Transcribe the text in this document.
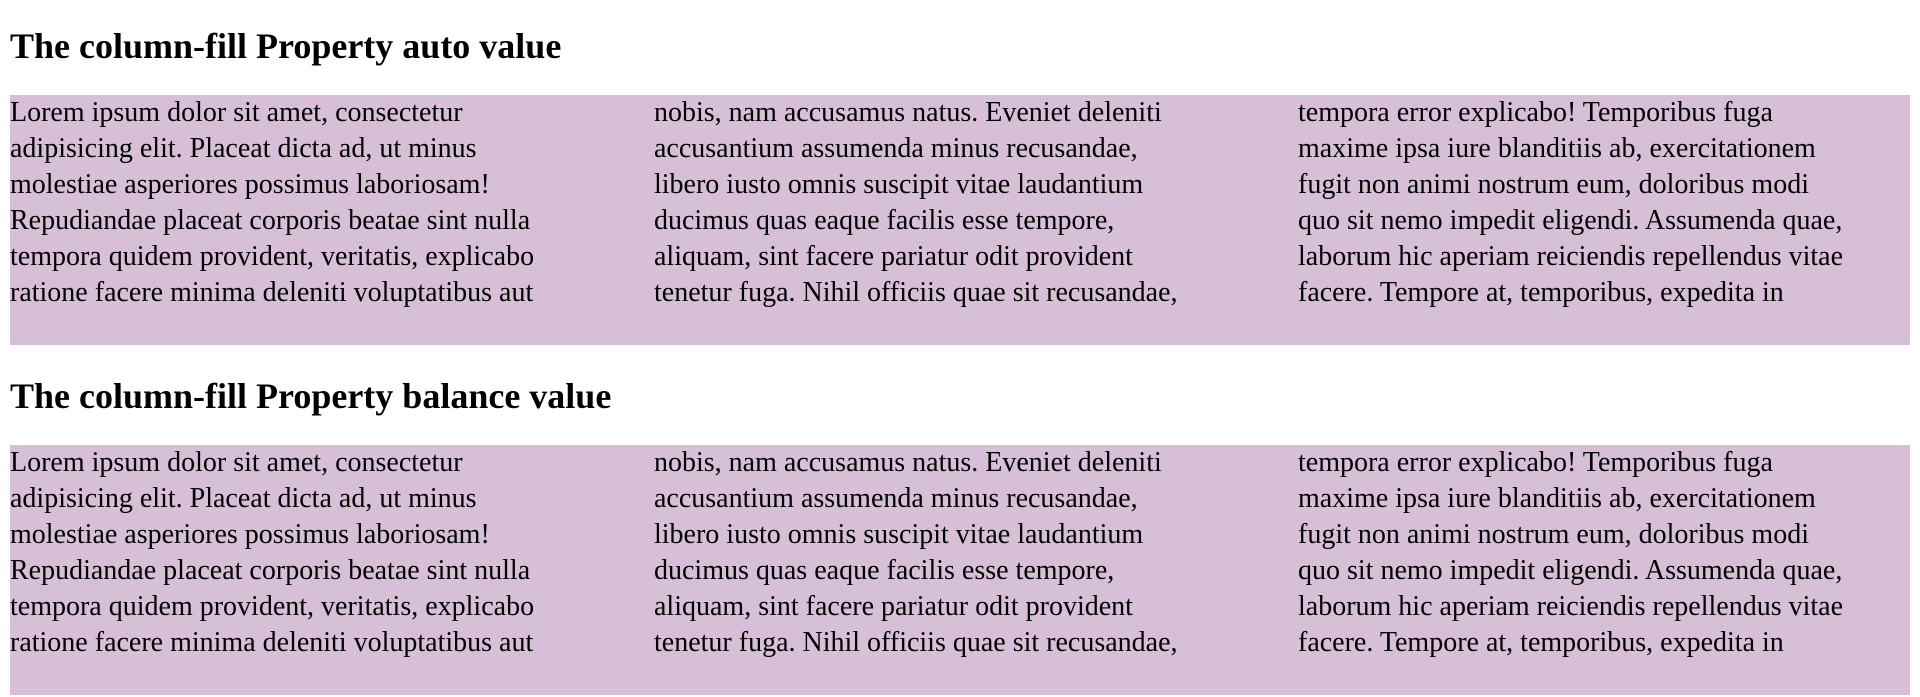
The column-fill Property auto value
Lorem ipsum dolor sit amet, consectetur
adipisicing elit. Placeat dicta ad, ut minus
molestiae asperiores possimus laboriosam!
Repudiandae placeat corporis beatae sint nulla
tempora quidem provident, veritatis, explicabo
ratione facere minima deleniti voluptatibus aut
nobis, nam accusamus natus. Eveniet deleniti
accusantium assumenda minus recusandae,
libero iusto omnis suscipit vitae laudantium
ducimus quas eaque facilis esse tempore,
aliquam, sint facere pariatur odit provident
tenetur fuga. Nihil officiis quae sit recusandae,
tempora error explicabo! Temporibus fuga
maxime ipsa iure blanditiis ab, exercitationem
fugit non animi nostrum eum, doloribus modi
quo sit nemo impedit eligendi. Assumenda quae,
laborum hic aperiam reiciendis repellendus vitae
facere. Tempore at, temporibus, expedita in
The column-fill Property balance value
Lorem ipsum dolor sit amet, consectetur
adipisicing elit. Placeat dicta ad, ut minus
molestiae asperiores possimus laboriosam!
Repudiandae placeat corporis beatae sint nulla
tempora quidem provident, veritatis, explicabo
ratione facere minima deleniti voluptatibus aut
nobis, nam accusamus natus. Eveniet deleniti
accusantium assumenda minus recusandae,
libero iusto omnis suscipit vitae laudantium
ducimus quas eaque facilis esse tempore,
aliquam, sint facere pariatur odit provident
tenetur fuga. Nihil officiis quae sit recusandae,
tempora error explicabo! Temporibus fuga
maxime ipsa iure blanditiis ab, exercitationem
fugit non animi nostrum eum, doloribus modi
quo sit nemo impedit eligendi. Assumenda quae,
laborum hic aperiam reiciendis repellendus vitae
facere. Tempore at, temporibus, expedita in
